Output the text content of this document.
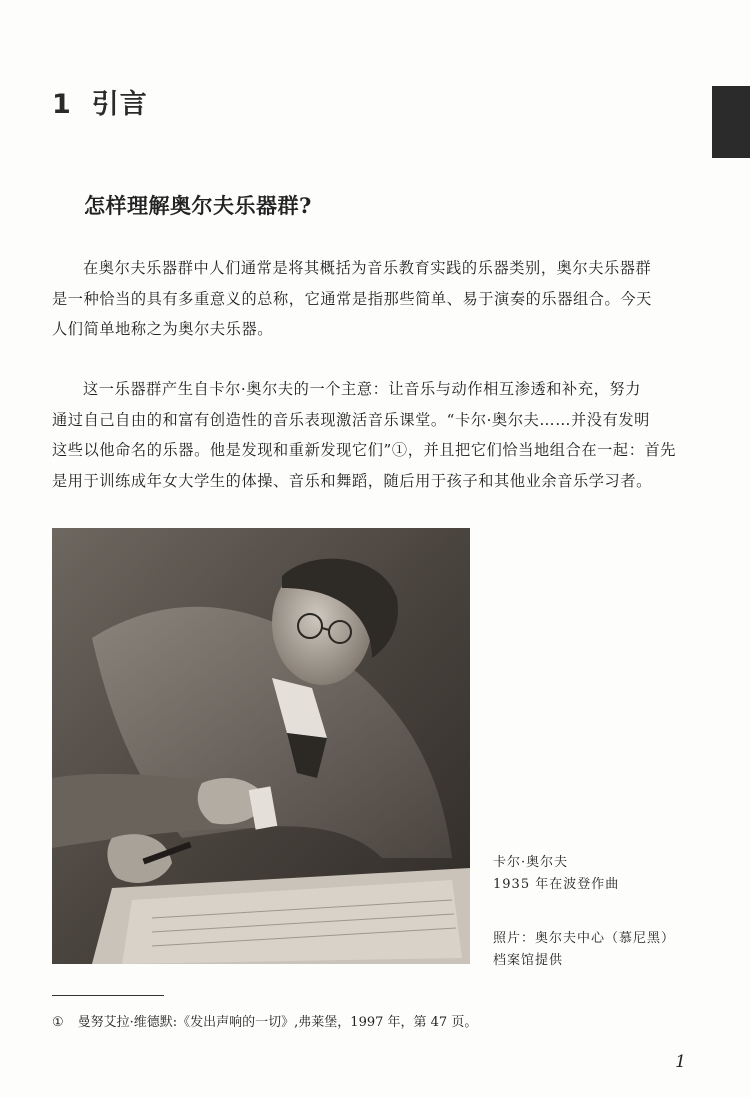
1 引言
怎样理解奥尔夫乐器群?

在奥尔夫乐器群中人们通常是将其概括为音乐教育实践的乐器类别，奥尔夫乐器群
是一种恰当的具有多重意义的总称，它通常是指那些简单、易于演奏的乐器组合。今天
人们简单地称之为奥尔夫乐器。

这一乐器群产生自卡尔·奥尔夫的一个主意：让音乐与动作相互渗透和补充，努力
通过自己自由的和富有创造性的音乐表现激活音乐课堂。“卡尔·奥尔夫……并没有发明
这些以他命名的乐器。他是发现和重新发现它们”①，并且把它们恰当地组合在一起：首先
是用于训练成年女大学生的体操、音乐和舞蹈，随后用于孩子和其他业余音乐学习者。

卡尔·奥尔夫
1935 年在波登作曲
照片：奥尔夫中心（慕尼黑）
档案馆提供
① 曼努艾拉·维德默:《发出声响的一切》,弗莱堡，1997 年，第 47 页。
1
